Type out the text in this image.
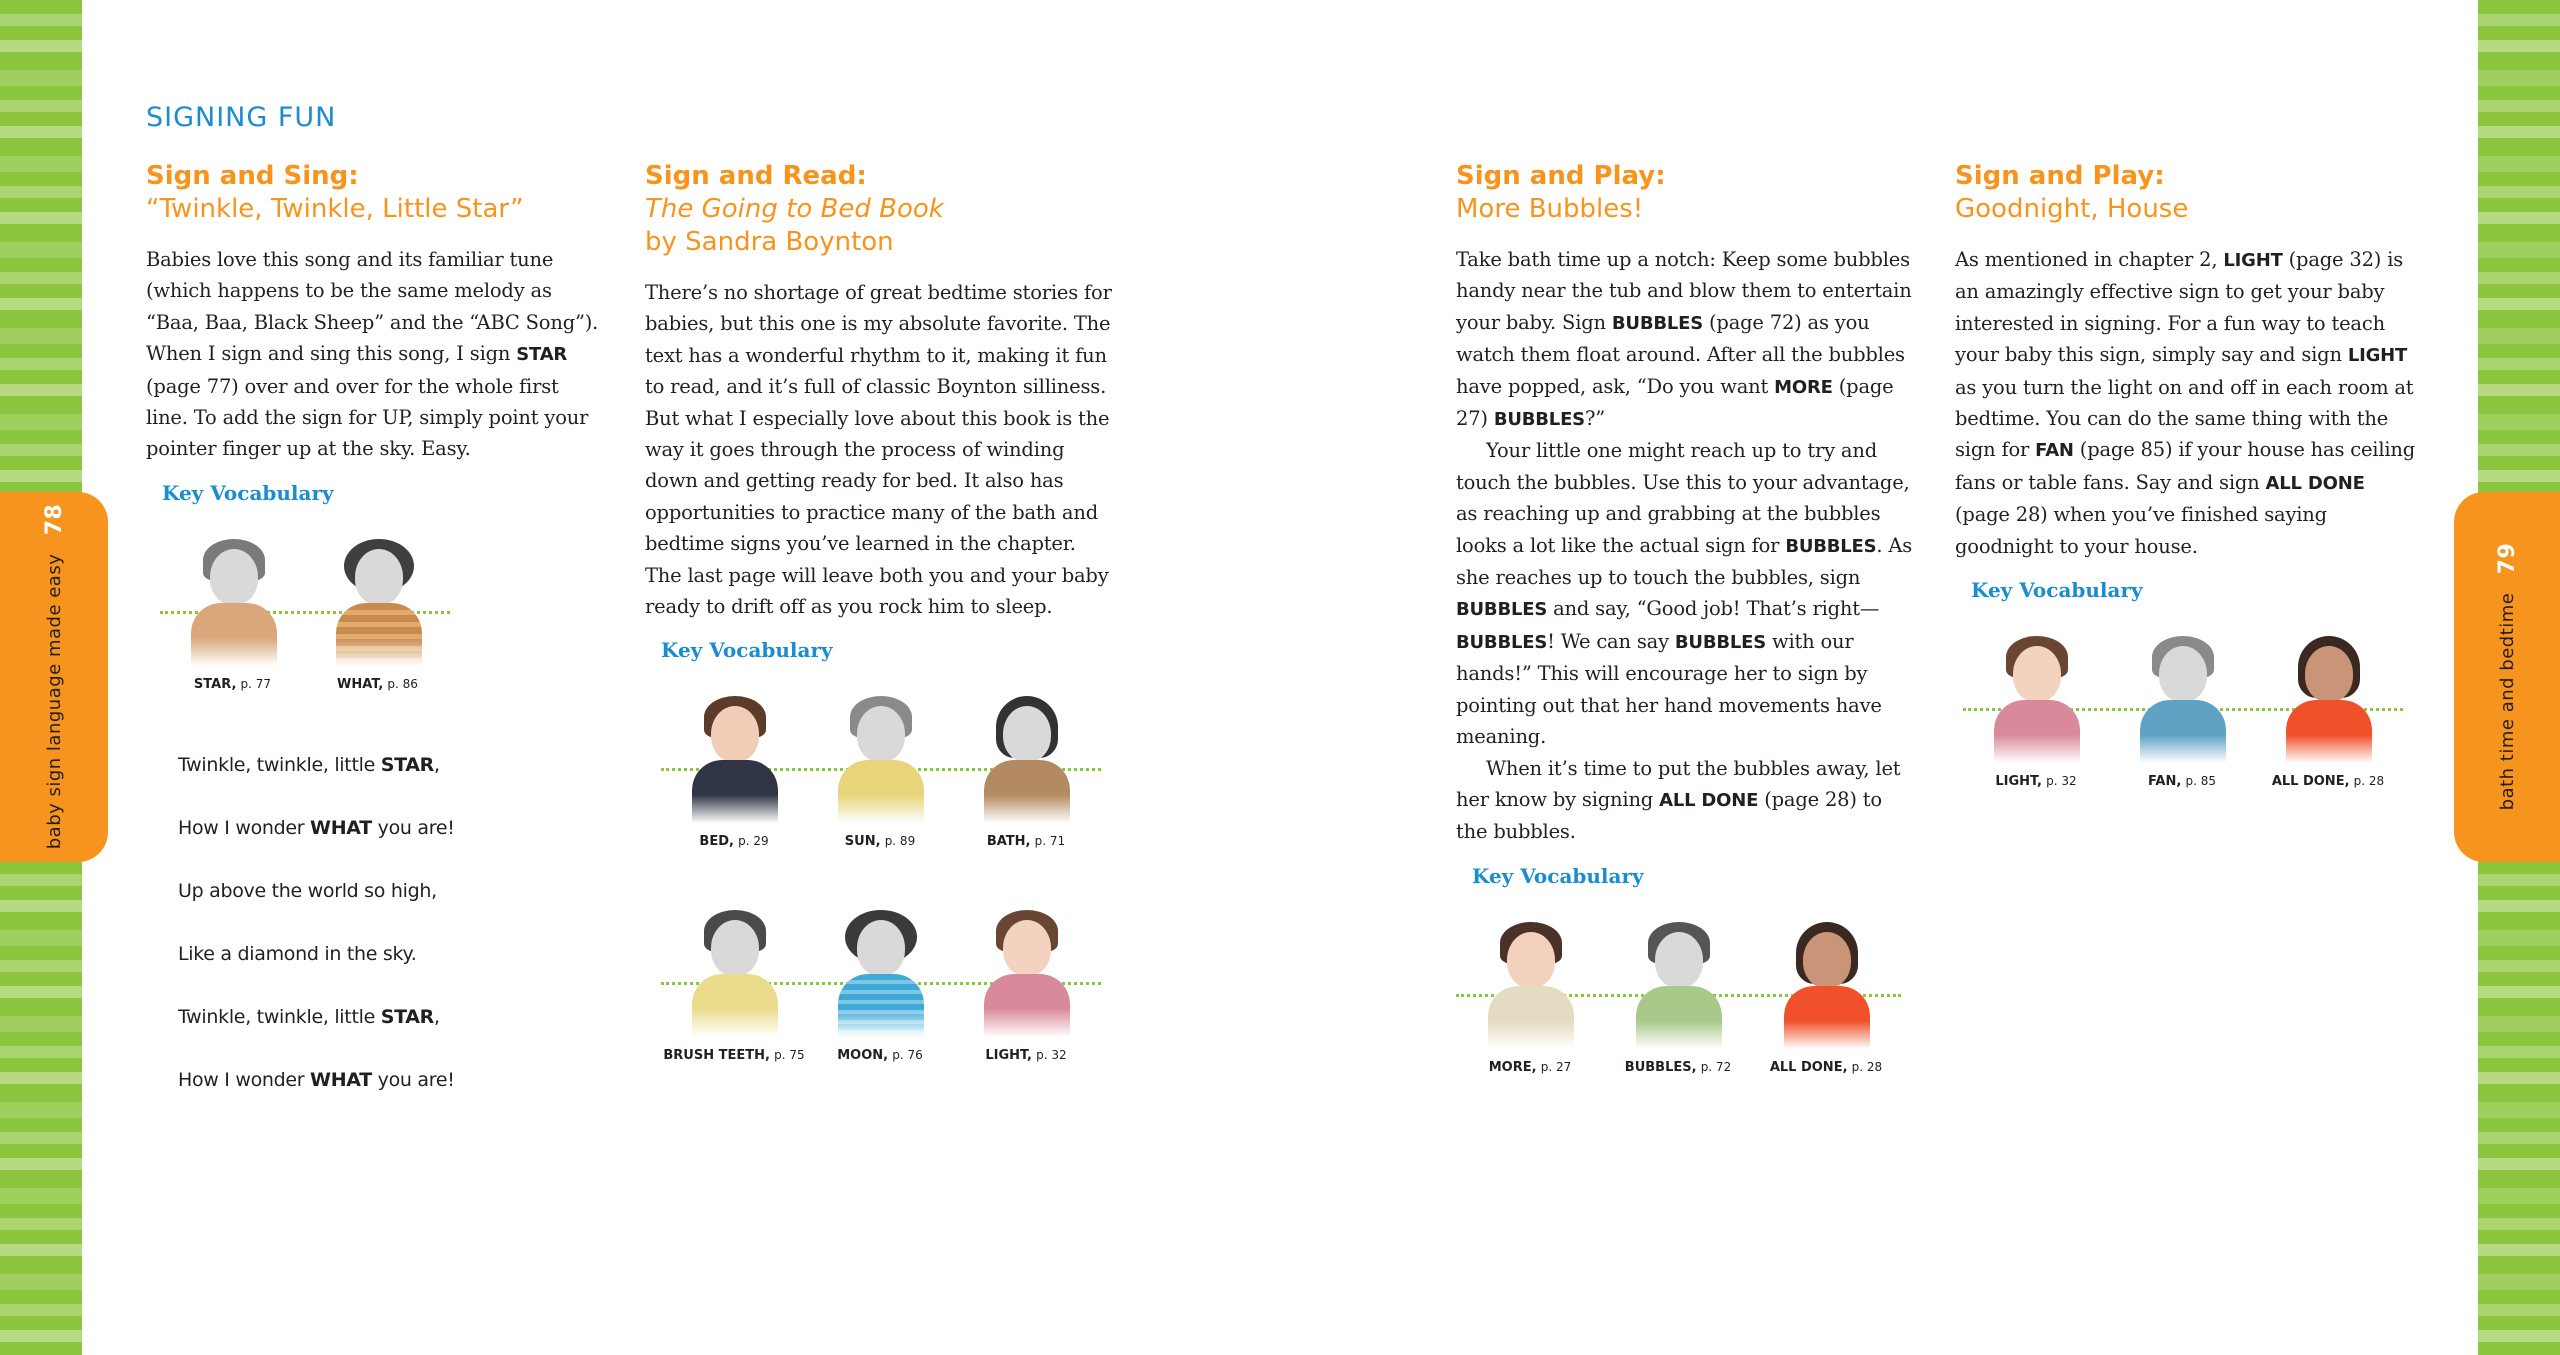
baby sign language made easy
78
bath time and bedtime
79
SIGNING FUN
Sign and Sing:
“Twinkle, Twinkle, Little Star”

Babies love this song and its familiar tune (which happens to be the same melody as “Baa, Baa, Black Sheep” and the “ABC Song”). When I sign and sing this song, I sign STAR (page 77) over and over for the whole first line. To add the sign for UP, simply point your pointer finger up at the sky. Easy.

Key Vocabulary
STAR, p. 77	WHAT, p. 86
Twinkle, twinkle, little STAR,
How I wonder WHAT you are!
Up above the world so high,
Like a diamond in the sky.
Twinkle, twinkle, little STAR,
How I wonder WHAT you are!
Sign and Read:
The Going to Bed Book
by Sandra Boynton

There’s no shortage of great bedtime stories for babies, but this one is my absolute favorite. The text has a wonderful rhythm to it, making it fun to read, and it’s full of classic Boynton silliness. But what I especially love about this book is the way it goes through the process of winding down and getting ready for bed. It also has opportunities to practice many of the bath and bedtime signs you’ve learned in the chapter. The last page will leave both you and your baby ready to drift off as you rock him to sleep.

Key Vocabulary
BED, p. 29	SUN, p. 89	BATH, p. 71
BRUSH TEETH, p. 75	MOON, p. 76	LIGHT, p. 32
Sign and Play:
More Bubbles!

Take bath time up a notch: Keep some bubbles handy near the tub and blow them to entertain your baby. Sign BUBBLES (page 72) as you watch them float around. After all the bubbles have popped, ask, “Do you want MORE (page 27) BUBBLES?”

Your little one might reach up to try and touch the bubbles. Use this to your advantage, as reaching up and grabbing at the bubbles looks a lot like the actual sign for BUBBLES. As she reaches up to touch the bubbles, sign BUBBLES and say, “Good job! That’s right—BUBBLES! We can say BUBBLES with our hands!” This will encourage her to sign by pointing out that her hand movements have meaning.

When it’s time to put the bubbles away, let her know by signing ALL DONE (page 28) to the bubbles.

Key Vocabulary
MORE, p. 27	BUBBLES, p. 72	ALL DONE, p. 28
Sign and Play:
Goodnight, House

As mentioned in chapter 2, LIGHT (page 32) is an amazingly effective sign to get your baby interested in signing. For a fun way to teach your baby this sign, simply say and sign LIGHT as you turn the light on and off in each room at bedtime. You can do the same thing with the sign for FAN (page 85) if your house has ceiling fans or table fans. Say and sign ALL DONE (page 28) when you’ve finished saying goodnight to your house.

Key Vocabulary
LIGHT, p. 32	FAN, p. 85	ALL DONE, p. 28
